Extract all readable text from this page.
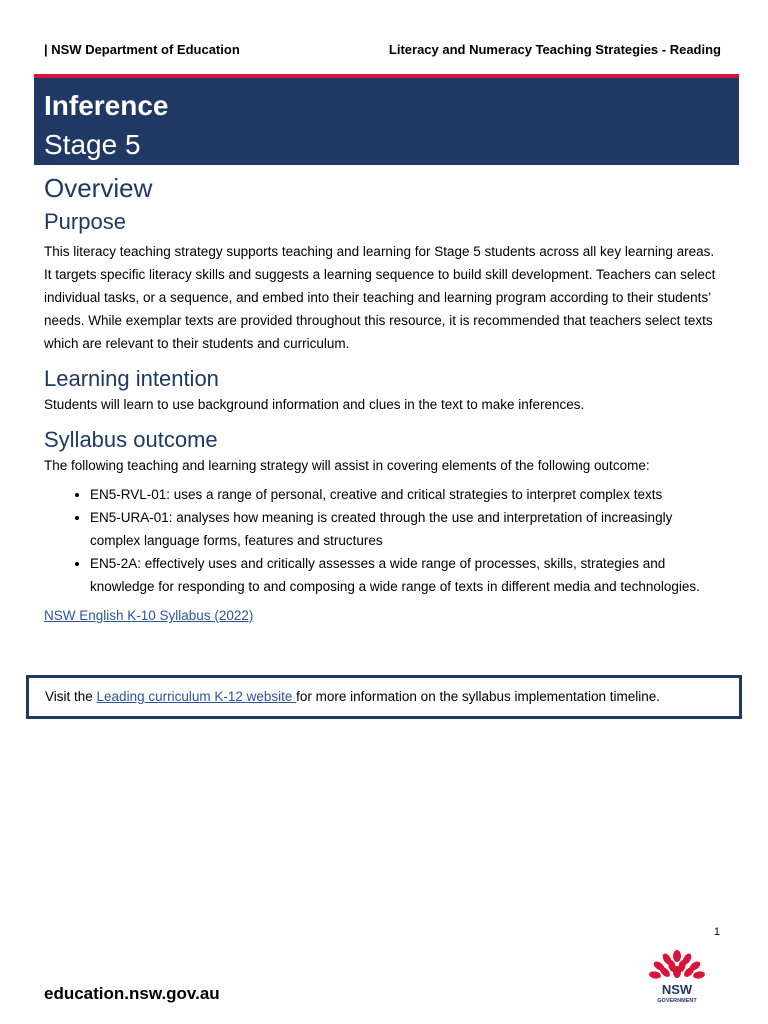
| NSW Department of Education	Literacy and Numeracy Teaching Strategies - Reading
Inference
Stage 5
Overview
Purpose

This literacy teaching strategy supports teaching and learning for Stage 5 students across all key learning areas. It targets specific literacy skills and suggests a learning sequence to build skill development. Teachers can select individual tasks, or a sequence, and embed into their teaching and learning program according to their students’ needs. While exemplar texts are provided throughout this resource, it is recommended that teachers select texts which are relevant to their students and curriculum.

Learning intention

Students will learn to use background information and clues in the text to make inferences.

Syllabus outcome

The following teaching and learning strategy will assist in covering elements of the following outcome:

• EN5-RVL-01: uses a range of personal, creative and critical strategies to interpret complex texts
• EN5-URA-01: analyses how meaning is created through the use and interpretation of increasingly complex language forms, features and structures
• EN5-2A: effectively uses and critically assesses a wide range of processes, skills, strategies and knowledge for responding to and composing a wide range of texts in different media and technologies.
NSW English K-10 Syllabus (2022)

Visit the Leading curriculum K-12 website for more information on the syllabus implementation timeline.

1
education.nsw.gov.au	NSW
GOVERNMENT
